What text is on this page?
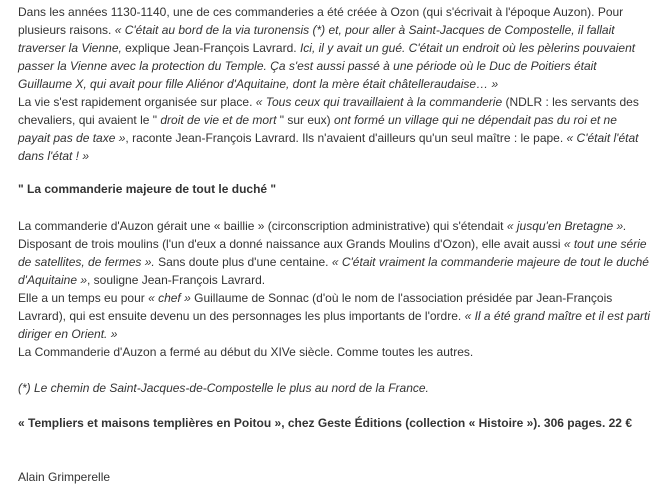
Dans les années 1130-1140, une de ces commanderies a été créée à Ozon (qui s'écrivait à l'époque Auzon). Pour plusieurs raisons. « C'était au bord de la via turonensis (*) et, pour aller à Saint-Jacques de Compostelle, il fallait traverser la Vienne, explique Jean-François Lavrard. Ici, il y avait un gué. C'était un endroit où les pèlerins pouvaient passer la Vienne avec la protection du Temple. Ça s'est aussi passé à une période où le Duc de Poitiers était Guillaume X, qui avait pour fille Aliénor d'Aquitaine, dont la mère était châtelleraudaise… »

La vie s'est rapidement organisée sur place. « Tous ceux qui travaillaient à la commanderie (NDLR : les servants des chevaliers, qui avaient le " droit de vie et de mort " sur eux) ont formé un village qui ne dépendait pas du roi et ne payait pas de taxe », raconte Jean-François Lavrard. Ils n'avaient d'ailleurs qu'un seul maître : le pape. « C'était l'état dans l'état ! »

" La commanderie majeure de tout le duché "

La commanderie d'Auzon gérait une « baillie » (circonscription administrative) qui s'étendait « jusqu'en Bretagne ».

Disposant de trois moulins (l'un d'eux a donné naissance aux Grands Moulins d'Ozon), elle avait aussi « tout une série de satellites, de fermes ». Sans doute plus d'une centaine. « C'était vraiment la commanderie majeure de tout le duché d'Aquitaine », souligne Jean-François Lavrard.

Elle a un temps eu pour « chef » Guillaume de Sonnac (d'où le nom de l'association présidée par Jean-François Lavrard), qui est ensuite devenu un des personnages les plus importants de l'ordre. « Il a été grand maître et il est parti diriger en Orient. »

La Commanderie d'Auzon a fermé au début du XIVe siècle. Comme toutes les autres.

(*) Le chemin de Saint-Jacques-de-Compostelle le plus au nord de la France.

« Templiers et maisons templières en Poitou », chez Geste Éditions (collection « Histoire »). 306 pages. 22 €

Alain Grimperelle
